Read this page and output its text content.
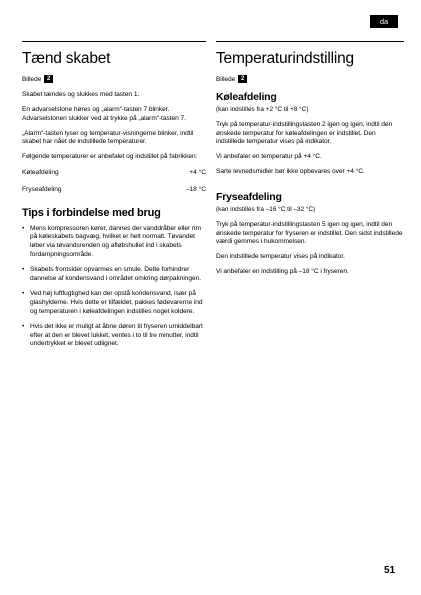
da
Tænd skabet
Billede 2

Skabet tændes og slukkes med tasten 1.

En advarselstone høres og „alarm“-tasten 7 blinker. Advarselstonen slukker ved at trykke på „alarm“-tasten 7.

„Alarm“-tasten lyser og temperatur-visningerne blinker, indtil skabet har nået de indstillede temperaturer.

Følgende temperaturer er anbefalet og indstillet på fabrikken:

Køleafdeling	+4 °C
Fryseafdeling	–18 °C
Tips i forbindelse med brug
• Mens kompressoren kører, dannes der vanddråber eller rim på køleskabets bagvæg, hvilket er helt normalt. Tøvandet løber via tøvandsrenden og afløbshullet ind i skabets fordampningsområde.
• Skabets frontsider opvarmes en smule. Dette forhindrer dannelse af kondensvand i området omkring dørpakningen.
• Ved høj luftfugtighed kan der opstå kondensvand, især på glashylderne. Hvis dette er tilfældet, pakkes fødevarerne ind og temperaturen i køleafdelingen indstilles noget koldere.
• Hvis det ikke er muligt at åbne døren til fryseren umiddelbart efter at den er blevet lukket, ventes i to til tre minutter, indtil undertrykket er blevet udlignet.
Temperaturindstilling
Billede 2
Køleafdeling
(kan indstilles fra +2 °C til +8 °C)

Tryk på temperatur-indstillingstasten 2 igen og igen, indtil den ønskede temperatur for køleafdelingen er indstillet. Den indstillede temperatur vises på indikator.

Vi anbefaler en temperatur på +4 °C.

Sarte levnedsmidler bør ikke opbevares over +4 °C.

Fryseafdeling
(kan indstilles fra –16 °C til –32 °C)

Tryk på temperatur-indstillingstasten 5 igen og igen, indtil den ønskede temperatur for fryseren er indstillet. Den sidst indstillede værdi gemmes i hukommelsen.

Den indstillede temperatur vises på indikator.

Vi anbefaler en indstilling på –18 °C i fryseren.

51
